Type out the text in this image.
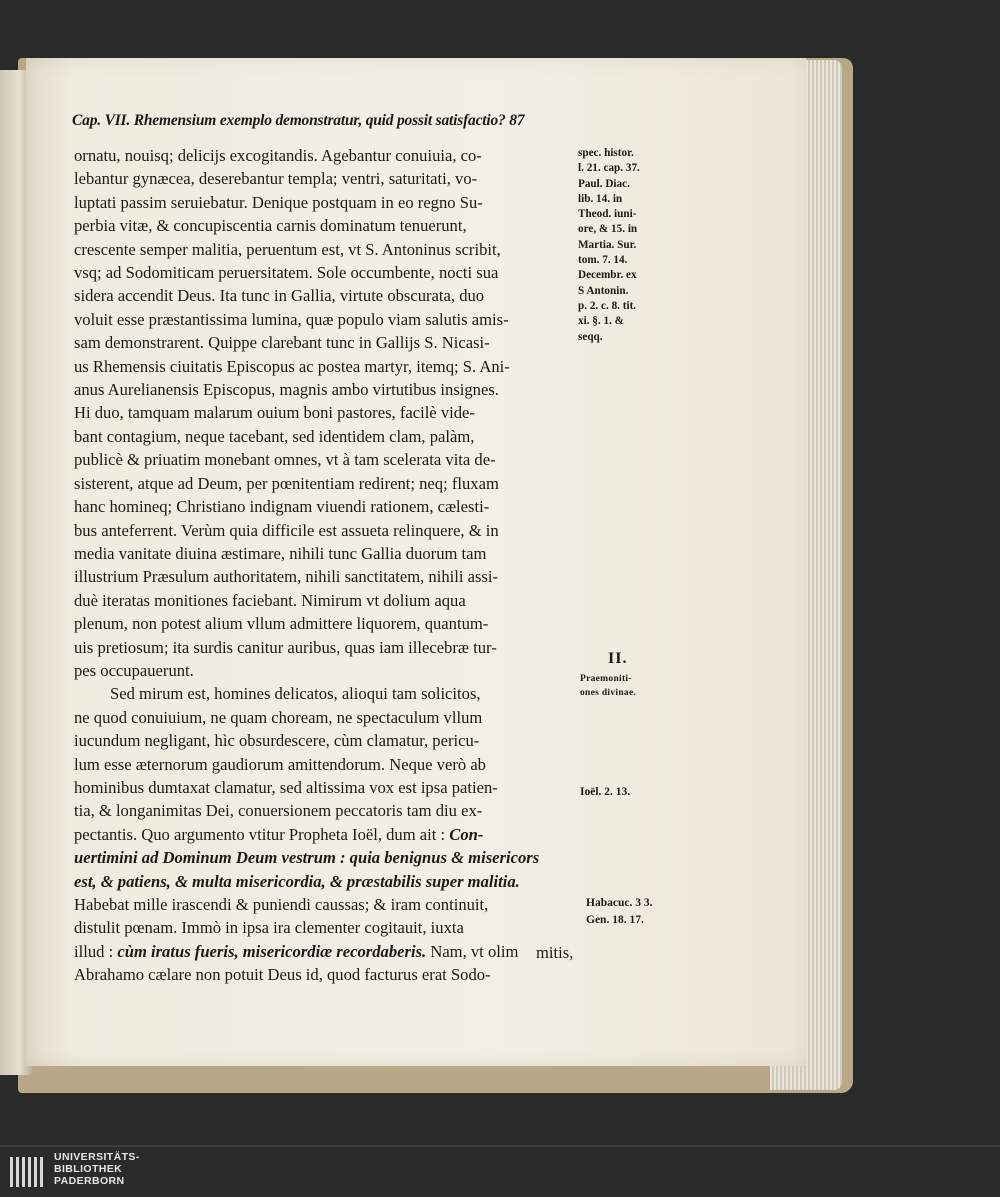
Cap. VII. Rhemensium exemplo demonstratur, quid possit satisfactio? 87
ornatu, nouisq; delicijs excogitandis. Agebantur conuiuia, co-
lebantur gynæcea, deserebantur templa; ventri, saturitati, vo-
luptati passim seruiebatur. Denique postquam in eo regno Su-
perbia vitæ, & concupiscentia carnis dominatum tenuerunt,
crescente semper malitia, peruentum est, vt S. Antoninus scribit,
vsq; ad Sodomiticam peruersitatem. Sole occumbente, nocti sua
sidera accendit Deus. Ita tunc in Gallia, virtute obscurata, duo
voluit esse præstantissima lumina, quæ populo viam salutis amis-
sam demonstrarent. Quippe clarebant tunc in Gallijs S. Nicasi-
us Rhemensis ciuitatis Episcopus ac postea martyr, itemq; S. Ani-
anus Aurelianensis Episcopus, magnis ambo virtutibus insignes.
Hi duo, tamquam malarum ouium boni pastores, facilè vide-
bant contagium, neque tacebant, sed identidem clam, palàm,
publicè & priuatim monebant omnes, vt à tam scelerata vita de-
sisterent, atque ad Deum, per pœnitentiam redirent; neq; fluxam
hanc homineq; Christiano indignam viuendi rationem, cælesti-
bus anteferrent. Verùm quia difficile est assueta relinquere, & in
media vanitate diuina æstimare, nihili tunc Gallia duorum tam
illustrium Præsulum authoritatem, nihili sanctitatem, nihili assi-
duè iteratas monitiones faciebant. Nimirum vt dolium aqua
plenum, non potest alium vllum admittere liquorem, quantum-
uis pretiosum; ita surdis canitur auribus, quas iam illecebræ tur-
pes occupauerunt.
Sed mirum est, homines delicatos, alioqui tam solicitos,
ne quod conuiuium, ne quam choream, ne spectaculum vllum
iucundum negligant, hìc obsurdescere, cùm clamatur, pericu-
lum esse æternorum gaudiorum amittendorum. Neque verò ab
hominibus dumtaxat clamatur, sed altissima vox est ipsa patien-
tia, & longanimitas Dei, conuersionem peccatoris tam diu ex-
pectantis. Quo argumento vtitur Propheta Ioël, dum ait : Con-
uertimini ad Dominum Deum vestrum : quia benignus & misericors
est, & patiens, & multa misericordia, & præstabilis super malitia.
Habebat mille irascendi & puniendi caussas; & iram continuit,
distulit pœnam. Immò in ipsa ira clementer cogitauit, iuxta
illud : cùm iratus fueris, misericordiæ recordaberis. Nam, vt olim
Abrahamo cælare non potuit Deus id, quod facturus erat Sodo-
mitis,
spec. histor.
l. 21. cap. 37.
Paul. Diac.
lib. 14. in
Theod. iuni-
ore, & 15. in
Martia. Sur.
tom. 7. 14.
Decembr. ex
S Antonin.
p. 2. c. 8. tit.
xi. §. 1. &
seqq.
II.
Praemoniti-
ones divinae.
Ioël. 2. 13.
Habacuc. 3 3.
Gen. 18. 17.
UNIVERSITÄTS-
BIBLIOTHEK
PADERBORN
